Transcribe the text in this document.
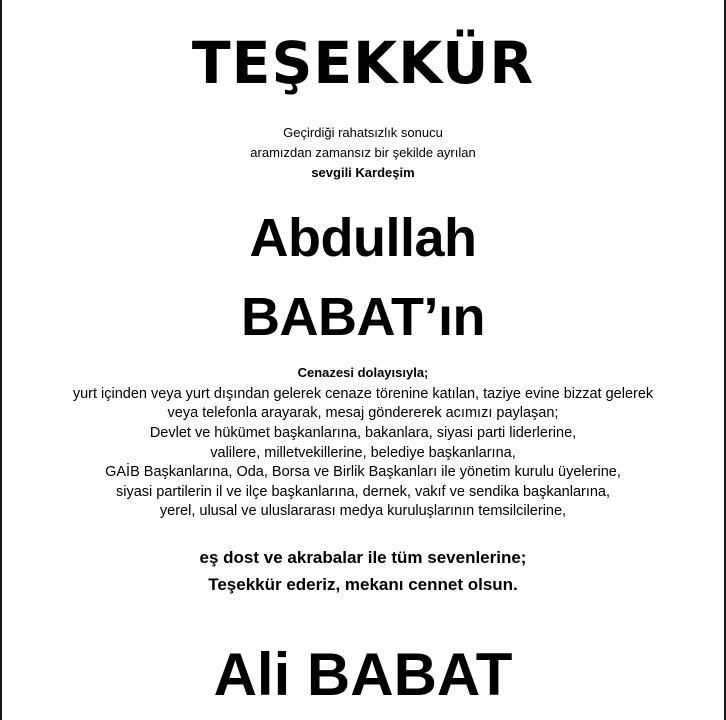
TEŞEKKÜR
Geçirdiği rahatsızlık sonucu
aramızdan zamansız bir şekilde ayrılan
sevgili Kardeşim
Abdullah
BABAT’ın
Cenazesi dolayısıyla;
yurt içinden veya yurt dışından gelerek cenaze törenine katılan, taziye evine bizzat gelerek
veya telefonla arayarak, mesaj göndererek acımızı paylaşan;
Devlet ve hükümet başkanlarına, bakanlara, siyasi parti liderlerine,
valilere, milletvekillerine, belediye başkanlarına,
GAİB Başkanlarına, Oda, Borsa ve Birlik Başkanları ile yönetim kurulu üyelerine,
siyasi partilerin il ve ilçe başkanlarına, dernek, vakıf ve sendika başkanlarına,
yerel, ulusal ve uluslararası medya kuruluşlarının temsilcilerine,
eş dost ve akrabalar ile tüm sevenlerine;
Teşekkür ederiz, mekanı cennet olsun.
Ali BABAT
